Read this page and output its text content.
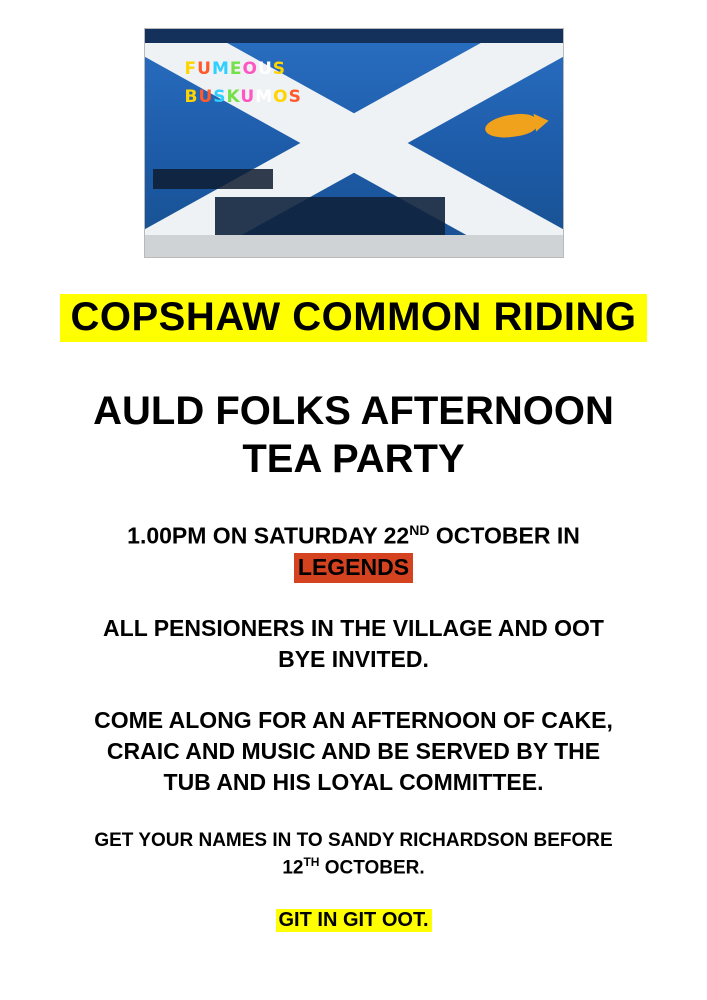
FUMEOUS
BUSKUMOS
COPSHAW COMMON RIDING
AULD FOLKS AFTERNOON
TEA PARTY
1.00PM ON SATURDAY 22ND OCTOBER IN
LEGENDS
ALL PENSIONERS IN THE VILLAGE AND OOT
BYE INVITED.
COME ALONG FOR AN AFTERNOON OF CAKE,
CRAIC AND MUSIC AND BE SERVED BY THE
TUB AND HIS LOYAL COMMITTEE.
GET YOUR NAMES IN TO SANDY RICHARDSON BEFORE
12TH OCTOBER.
GIT IN GIT OOT.
